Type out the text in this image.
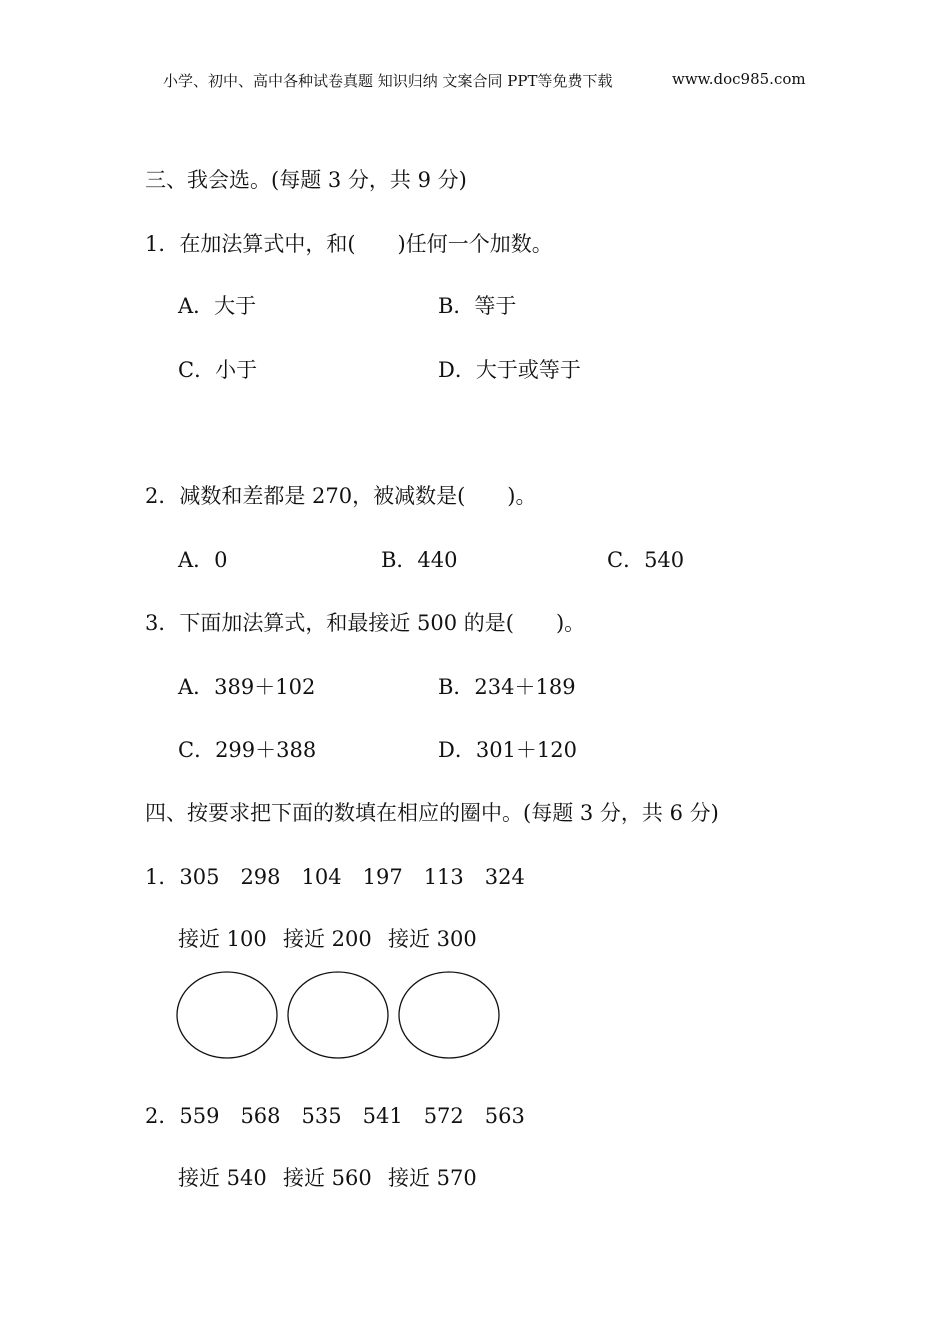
小学、初中、高中各种试卷真题 知识归纳 文案合同 PPT等免费下载	www.doc985.com
三、我会选。(每题 3 分，共 9 分)
1．在加法算式中，和(　　)任何一个加数。
A．大于	B．等于
C．小于	D．大于或等于
2．减数和差都是 270，被减数是(　　)。
A．0	B．440	C．540
3．下面加法算式，和最接近 500 的是(　　)。
A．389＋102	B．234＋189
C．299＋388	D．301＋120
四、按要求把下面的数填在相应的圈中。(每题 3 分，共 6 分)
1．305　298　104　197　113　324
接近 100 接近 200 接近 300
2．559　568　535　541　572　563
接近 540 接近 560 接近 570
